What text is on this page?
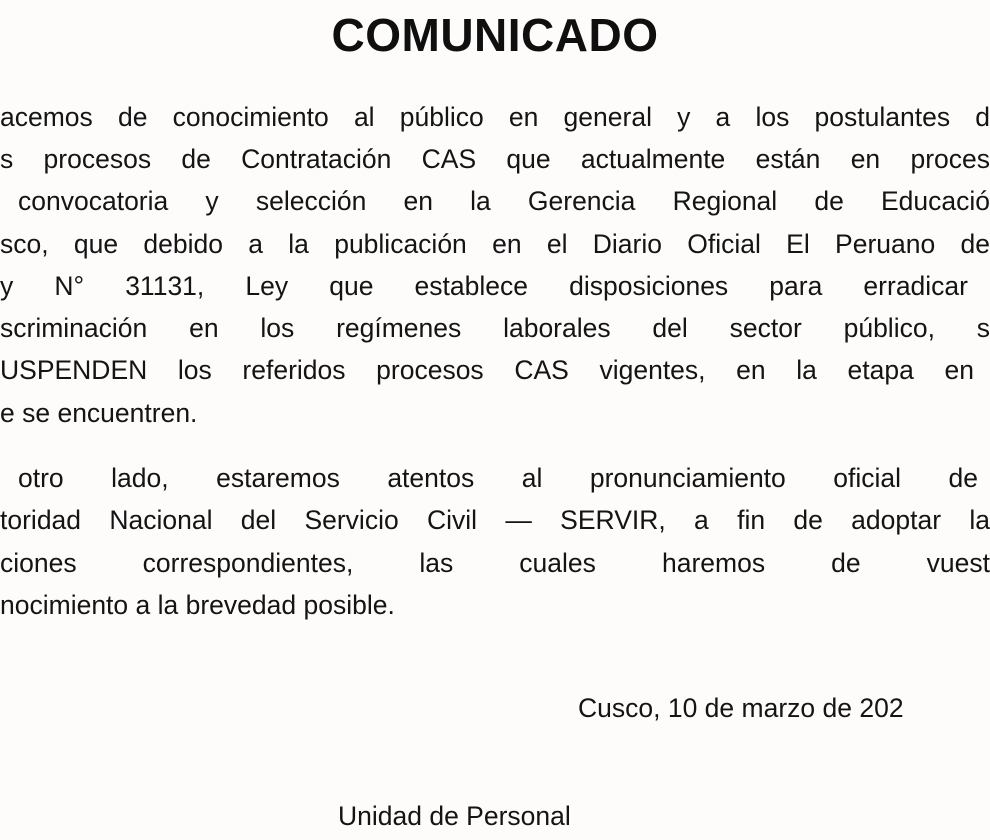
COMUNICADO

acemos de conocimiento al público en general y a los postulantes d

s procesos de Contratación CAS que actualmente están en proces

convocatoria y selección en la Gerencia Regional de Educació

sco, que debido a la publicación en el Diario Oficial El Peruano de

y N° 31131, Ley que establece disposiciones para erradicar

scriminación en los regímenes laborales del sector público, s

USPENDEN los referidos procesos CAS vigentes, en la etapa en

e se encuentren.

otro lado, estaremos atentos al pronunciamiento oficial de

toridad Nacional del Servicio Civil — SERVIR, a fin de adoptar la

ciones correspondientes, las cuales haremos de vuest

nocimiento a la brevedad posible.

Cusco, 10 de marzo de 202

Unidad de Personal
